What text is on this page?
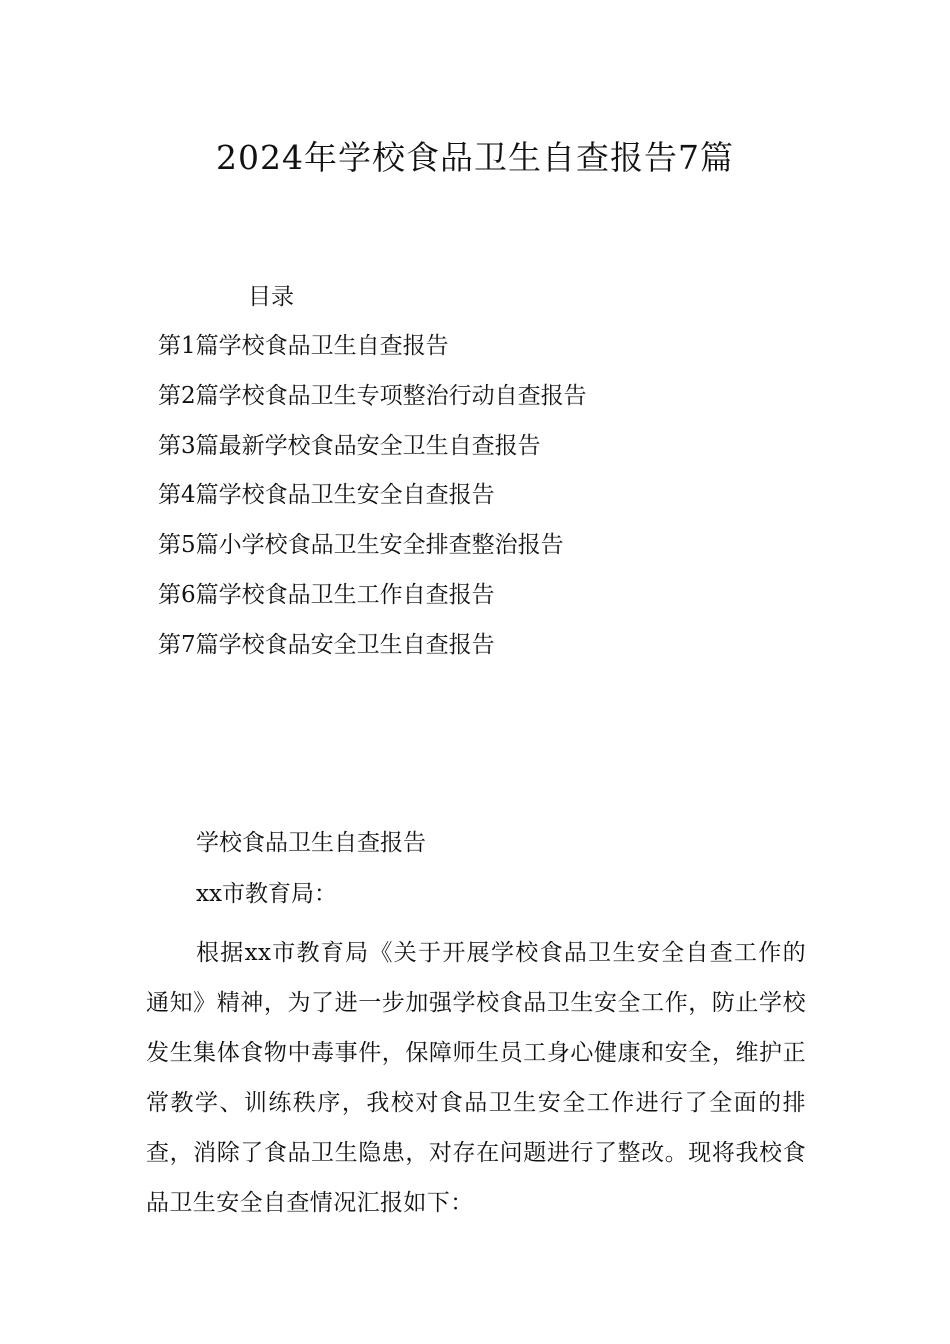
2024年学校食品卫生自查报告7篇
目录
第1篇学校食品卫生自查报告
第2篇学校食品卫生专项整治行动自查报告
第3篇最新学校食品安全卫生自查报告
第4篇学校食品卫生安全自查报告
第5篇小学校食品卫生安全排查整治报告
第6篇学校食品卫生工作自查报告
第7篇学校食品安全卫生自查报告
学校食品卫生自查报告

xx市教育局：

根据xx市教育局《关于开展学校食品卫生安全自查工作的通知》精神，为了进一步加强学校食品卫生安全工作，防止学校发生集体食物中毒事件，保障师生员工身心健康和安全，维护正常教学、训练秩序，我校对食品卫生安全工作进行了全面的排查，消除了食品卫生隐患，对存在问题进行了整改。现将我校食品卫生安全自查情况汇报如下：
